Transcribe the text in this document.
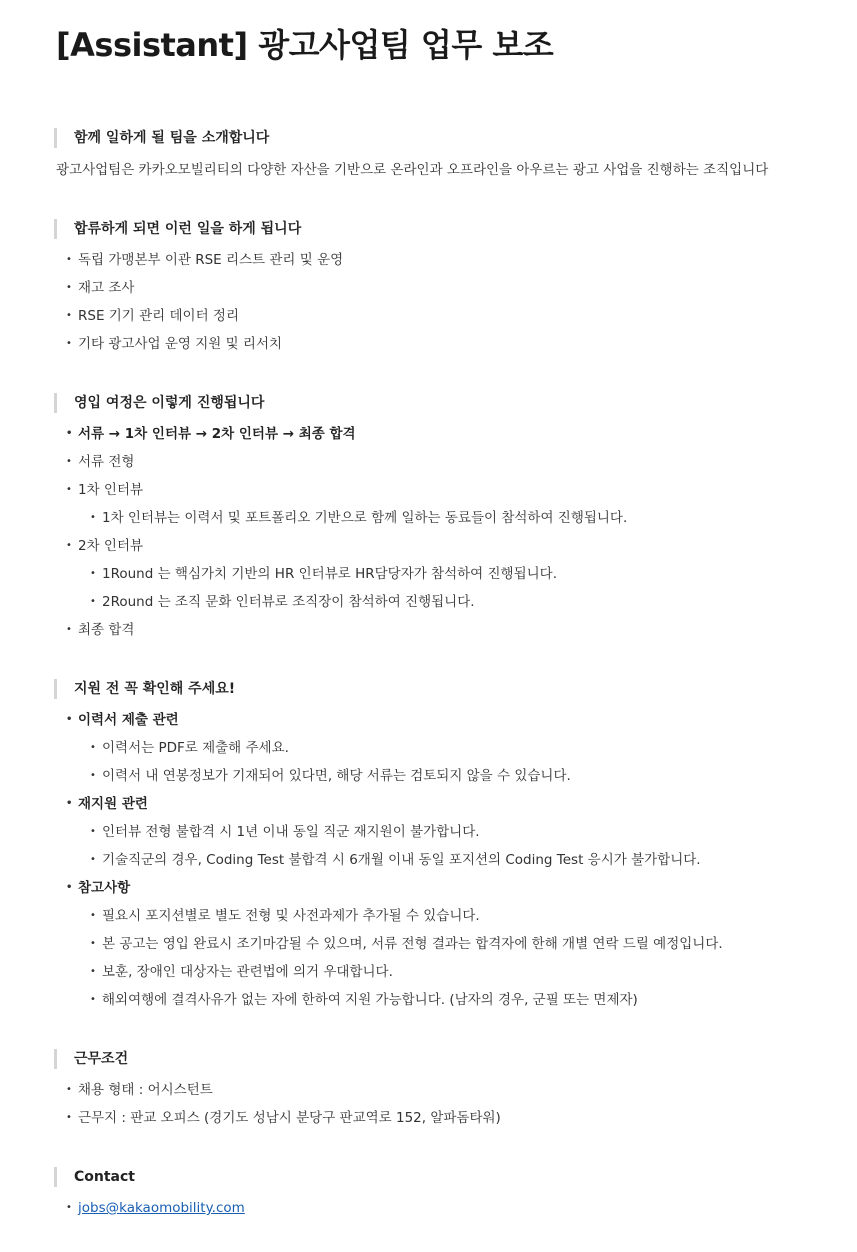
[Assistant] 광고사업팀 업무 보조
함께 일하게 될 팀을 소개합니다
광고사업팀은 카카오모빌리티의 다양한 자산을 기반으로 온라인과 오프라인을 아우르는 광고 사업을 진행하는 조직입니다
합류하게 되면 이런 일을 하게 됩니다
• 독립 가맹본부 이관 RSE 리스트 관리 및 운영
• 재고 조사
• RSE 기기 관리 데이터 정리
• 기타 광고사업 운영 지원 및 리서치
영입 여정은 이렇게 진행됩니다
• 서류 → 1차 인터뷰 → 2차 인터뷰 → 최종 합격
• 서류 전형
• 1차 인터뷰
• 1차 인터뷰는 이력서 및 포트폴리오 기반으로 함께 일하는 동료들이 참석하여 진행됩니다.
• 2차 인터뷰
• 1Round 는 핵심가치 기반의 HR 인터뷰로 HR담당자가 참석하여 진행됩니다.
• 2Round 는 조직 문화 인터뷰로 조직장이 참석하여 진행됩니다.
• 최종 합격
지원 전 꼭 확인해 주세요!
• 이력서 제출 관련
• 이력서는 PDF로 제출해 주세요.
• 이력서 내 연봉정보가 기재되어 있다면, 해당 서류는 검토되지 않을 수 있습니다.
• 재지원 관련
• 인터뷰 전형 불합격 시 1년 이내 동일 직군 재지원이 불가합니다.
• 기술직군의 경우, Coding Test 불합격 시 6개월 이내 동일 포지션의 Coding Test 응시가 불가합니다.
• 참고사항
• 필요시 포지션별로 별도 전형 및 사전과제가 추가될 수 있습니다.
• 본 공고는 영입 완료시 조기마감될 수 있으며, 서류 전형 결과는 합격자에 한해 개별 연락 드릴 예정입니다.
• 보훈, 장애인 대상자는 관련법에 의거 우대합니다.
• 해외여행에 결격사유가 없는 자에 한하여 지원 가능합니다. (남자의 경우, 군필 또는 면제자)
근무조건
• 채용 형태 : 어시스턴트
• 근무지 : 판교 오피스 (경기도 성남시 분당구 판교역로 152, 알파돔타워)
Contact
• jobs@kakaomobility.com
